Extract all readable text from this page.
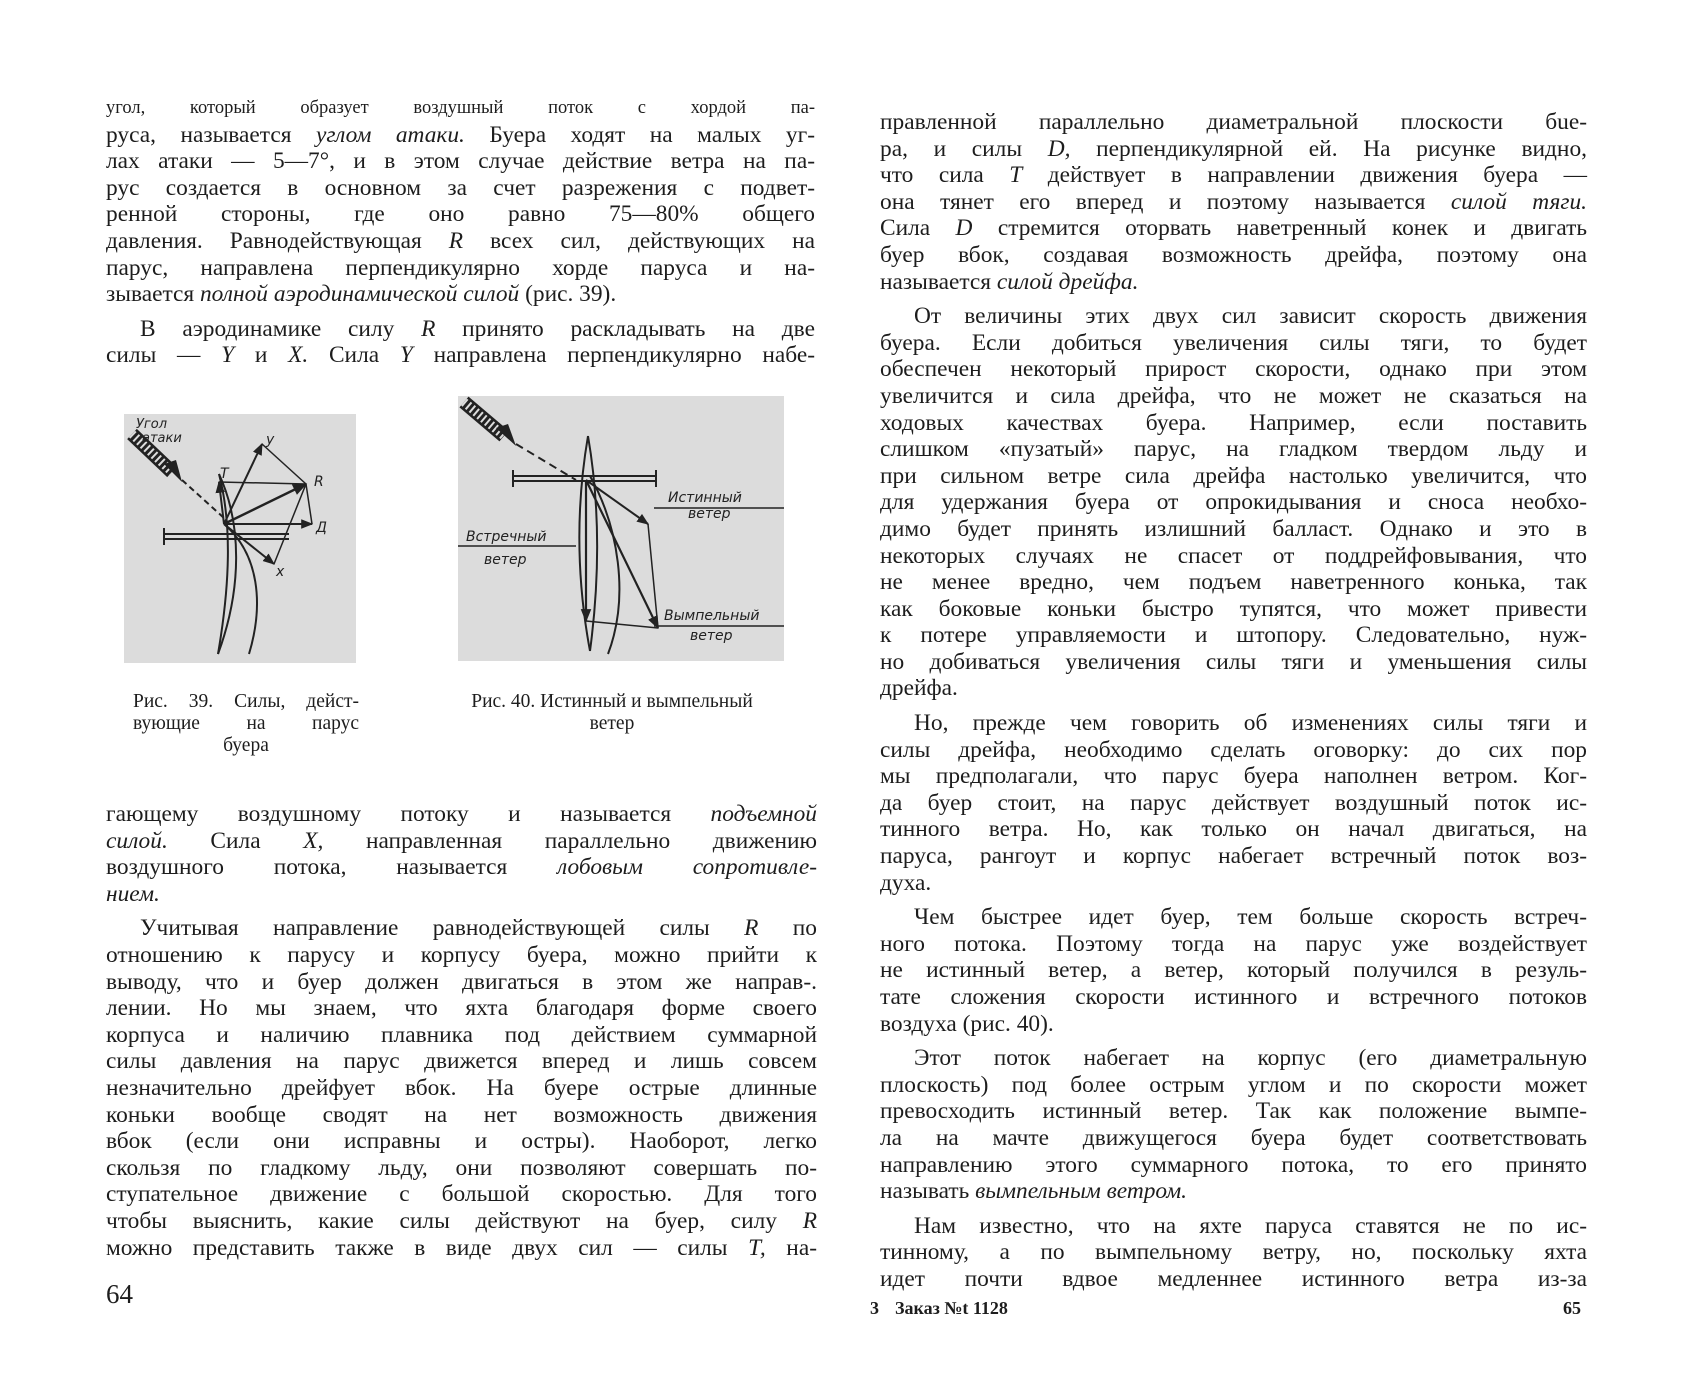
угол, который образует воздушный поток с хордой па-

руса, называется углом атаки. Буера ходят на малых уг-

лах атаки — 5—7°, и в этом случае действие ветра на па-

рус создается в основном за счет разрежения с подвет-

ренной стороны, где оно равно 75—80% общего

давления. Равнодействующая R всех сил, действующих на

парус, направлена перпендикулярно хорде паруса и на-

зывается полной аэродинамической силой (рис. 39).

В аэродинамике силу R принято раскладывать на две

силы — Y и X. Сила Y направлена перпендикулярно набе-

Угол
атаки	у
Т	R
Д
х
Рис. 39. Силы, дейст-
вующие на парус
буера
Истинный
ветер
Встречный
ветер
Вымпельный
ветер
Рис. 40. Истинный и вымпельный
ветер

гающему воздушному потоку и называется подъемной

силой. Сила X, направленная параллельно движению

воздушного потока, называется лобовым сопротивле-

нием.

Учитывая направление равнодействующей силы R по

отношению к парусу и корпусу буера, можно прийти к

выводу, что и буер должен двигаться в этом же направ-.

лении. Но мы знаем, что яхта благодаря форме своего

корпуса и наличию плавника под действием суммарной

силы давления на парус движется вперед и лишь совсем

незначительно дрейфует вбок. На буере острые длинные

коньки вообще сводят на нет возможность движения

вбок (если они исправны и остры). Наоборот, легко

скользя по гладкому льду, они позволяют совершать по-

ступательное движение с большой скоростью. Для того

чтобы выяснить, какие силы действуют на буер, силу R

можно представить также в виде двух сил — силы Т, на-

64

правленной параллельно диаметральной плоскости бue-

ра, и силы D, перпендикулярной ей. На рисунке видно,

что сила Т действует в направлении движения буера —

она тянет его вперед и поэтому называется силой тяги.

Сила D стремится оторвать наветренный конек и двигать

буер вбок, создавая возможность дрейфа, поэтому она

называется силой дрейфа.

От величины этих двух сил зависит скорость движения

буера. Если добиться увеличения силы тяги, то будет

обеспечен некоторый прирост скорости, однако при этом

увеличится и сила дрейфа, что не может не сказаться на

ходовых качествах буера. Например, если поставить

слишком «пузатый» парус, на гладком твердом льду и

при сильном ветре сила дрейфа настолько увеличится, что

для удержания буера от опрокидывания и сноса необхо-

димо будет принять излишний балласт. Однако и это в

некоторых случаях не спасет от поддрейфовывания, что

не менее вредно, чем подъем наветренного конька, так

как боковые коньки быстро тупятся, что может привести

к потере управляемости и штопору. Следовательно, нуж-

но добиваться увеличения силы тяги и уменьшения силы

дрейфа.

Но, прежде чем говорить об изменениях силы тяги и

силы дрейфа, необходимо сделать оговорку: до сих пор

мы предполагали, что парус буера наполнен ветром. Ког-

да буер стоит, на парус действует воздушный поток ис-

тинного ветра. Но, как только он начал двигаться, на

паруса, рангоут и корпус набегает встречный поток воз-

духа.

Чем быстрее идет буер, тем больше скорость встреч-

ного потока. Поэтому тогда на парус уже воздействует

не истинный ветер, а ветер, который получился в резуль-

тате сложения скорости истинного и встречного потоков

воздуха (рис. 40).

Этот поток набегает на корпус (его диаметральную

плоскость) под более острым углом и по скорости может

превосходить истинный ветер. Так как положение вымпе-

ла на мачте движущегося буера будет соответствовать

направлению этого суммарного потока, то его принято

называть вымпельным ветром.

Нам известно, что на яхте паруса ставятся не по ис-

тинному, а по вымпельному ветру, но, поскольку яхта

идет почти вдвое медленнее истинного ветра из-за

3 Заказ №t 1128	65
